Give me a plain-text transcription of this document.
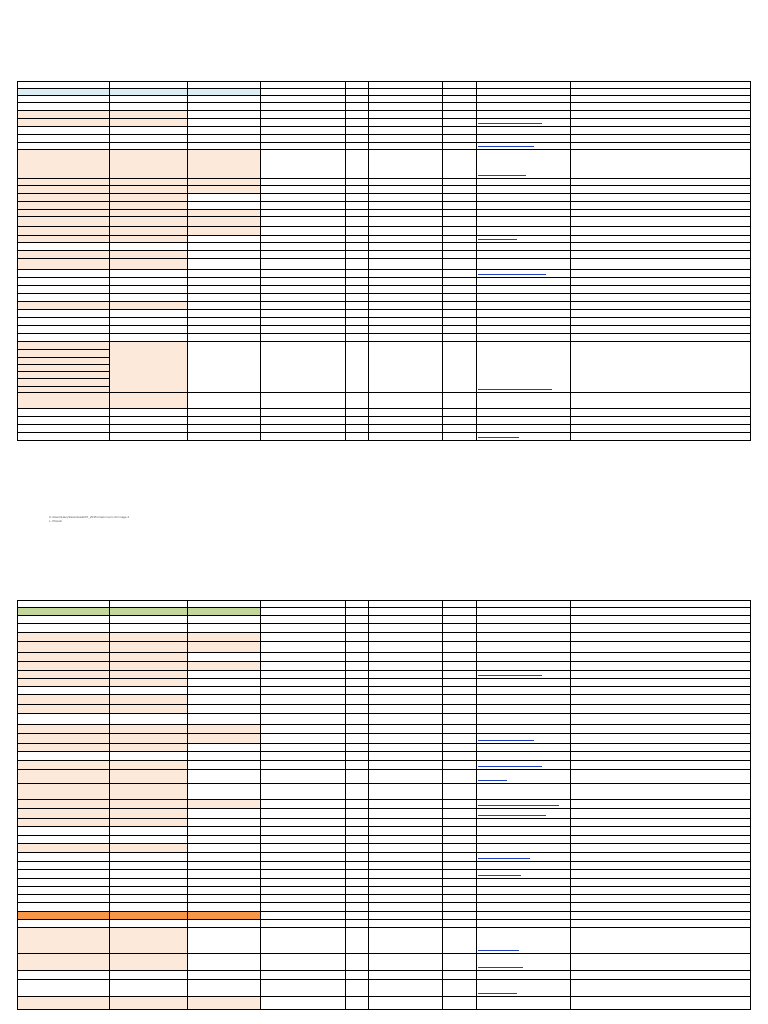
C:\Users\Hany\Downloads\07_2015 Interim term dir image 2
L. Pitcock
